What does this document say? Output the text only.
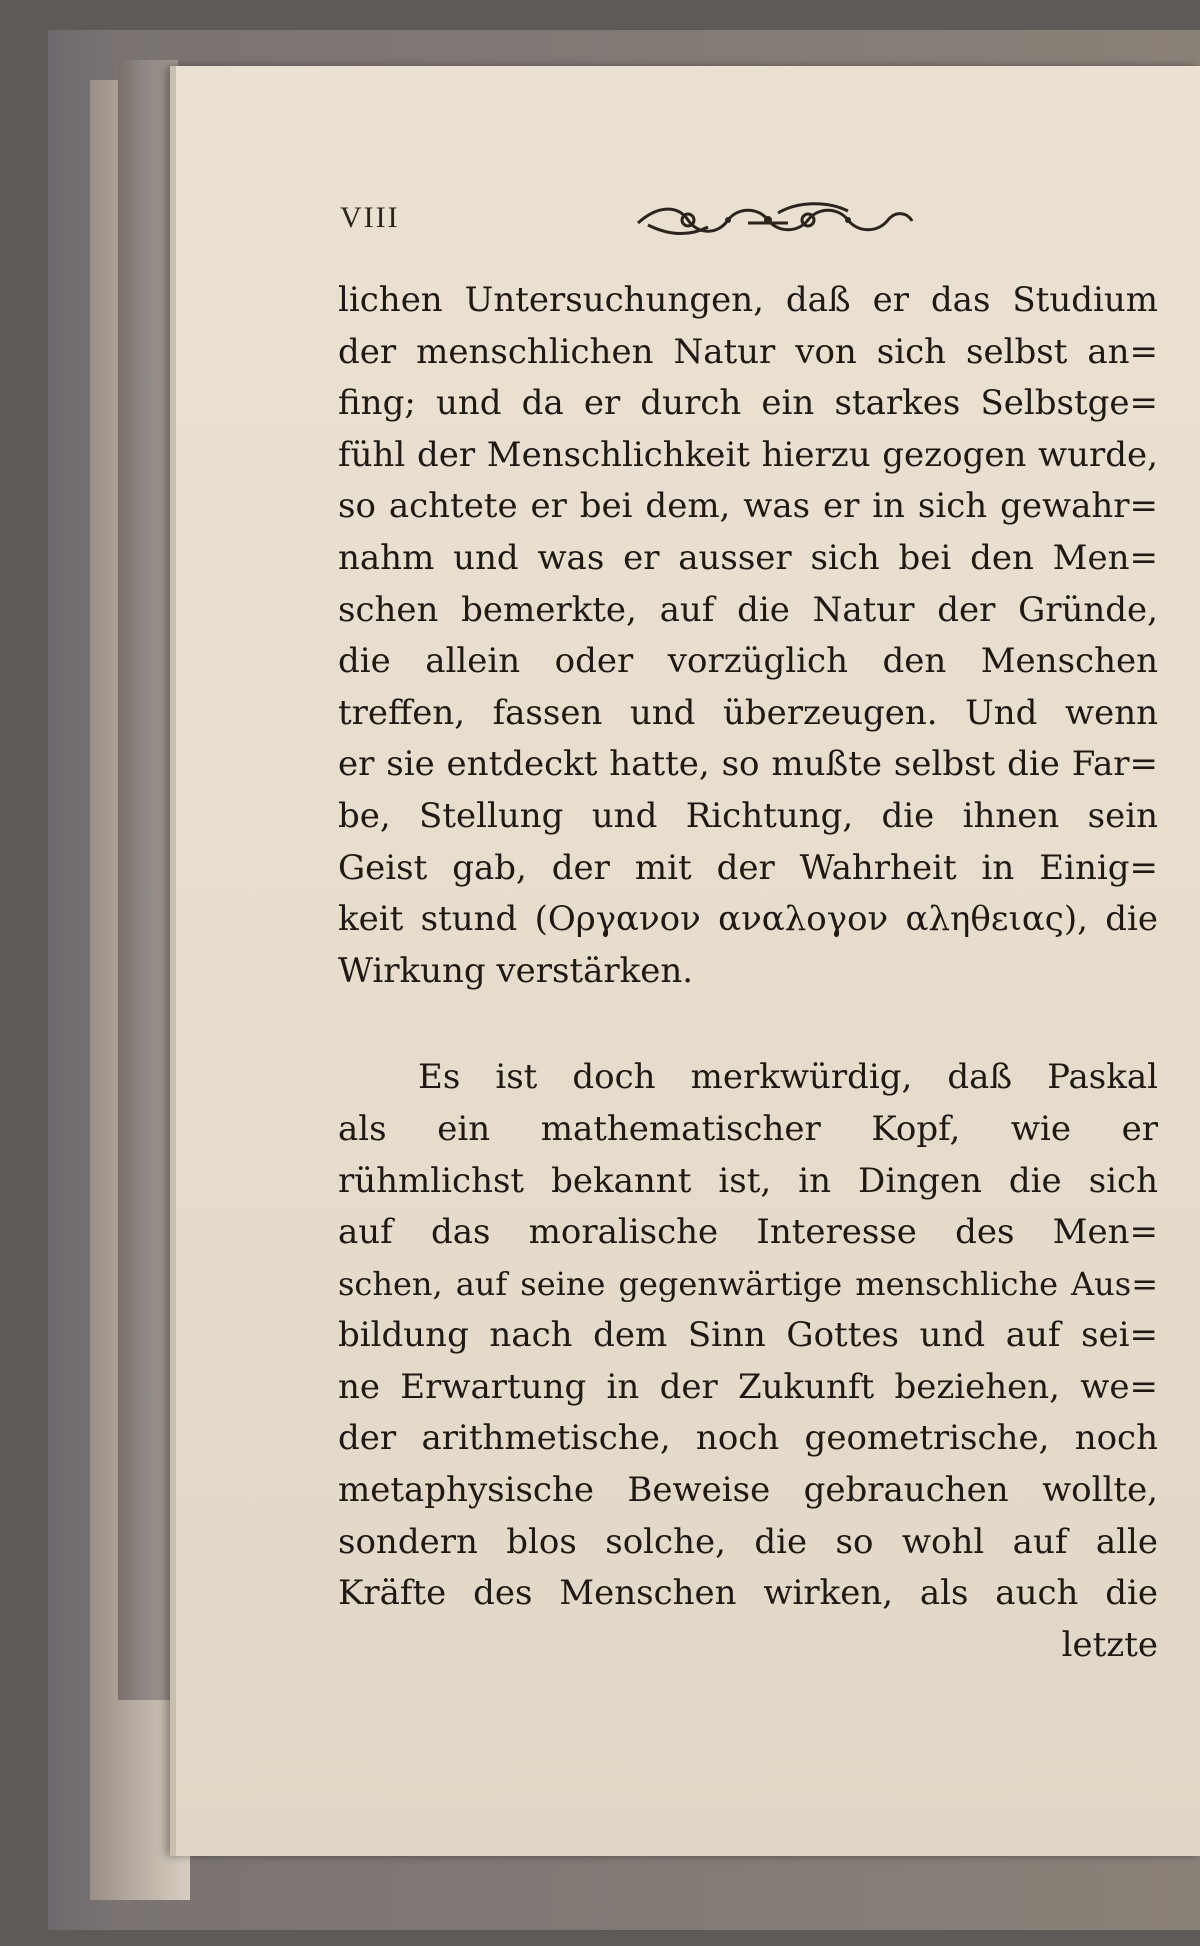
VIII
lichen Untersuchungen, daß er das Studium
der menschlichen Natur von sich selbst an=
fing; und da er durch ein starkes Selbstge=
fühl der Menschlichkeit hierzu gezogen wurde,
so achtete er bei dem, was er in sich gewahr=
nahm und was er ausser sich bei den Men=
schen bemerkte, auf die Natur der Gründe,
die allein oder vorzüglich den Menschen
treffen, fassen und überzeugen. Und wenn
er sie entdeckt hatte, so mußte selbst die Far=
be, Stellung und Richtung, die ihnen sein
Geist gab, der mit der Wahrheit in Einig=
keit stund (Οργανον αναλογον αληθειας), die
Wirkung verstärken.
Es ist doch merkwürdig, daß Paskal
als ein mathematischer Kopf, wie er
rühmlichst bekannt ist, in Dingen die sich
auf das moralische Interesse des Men=
schen, auf seine gegenwärtige menschliche Aus=
bildung nach dem Sinn Gottes und auf sei=
ne Erwartung in der Zukunft beziehen, we=
der arithmetische, noch geometrische, noch
metaphysische Beweise gebrauchen wollte,
sondern blos solche, die so wohl auf alle
Kräfte des Menschen wirken, als auch die
letzte
